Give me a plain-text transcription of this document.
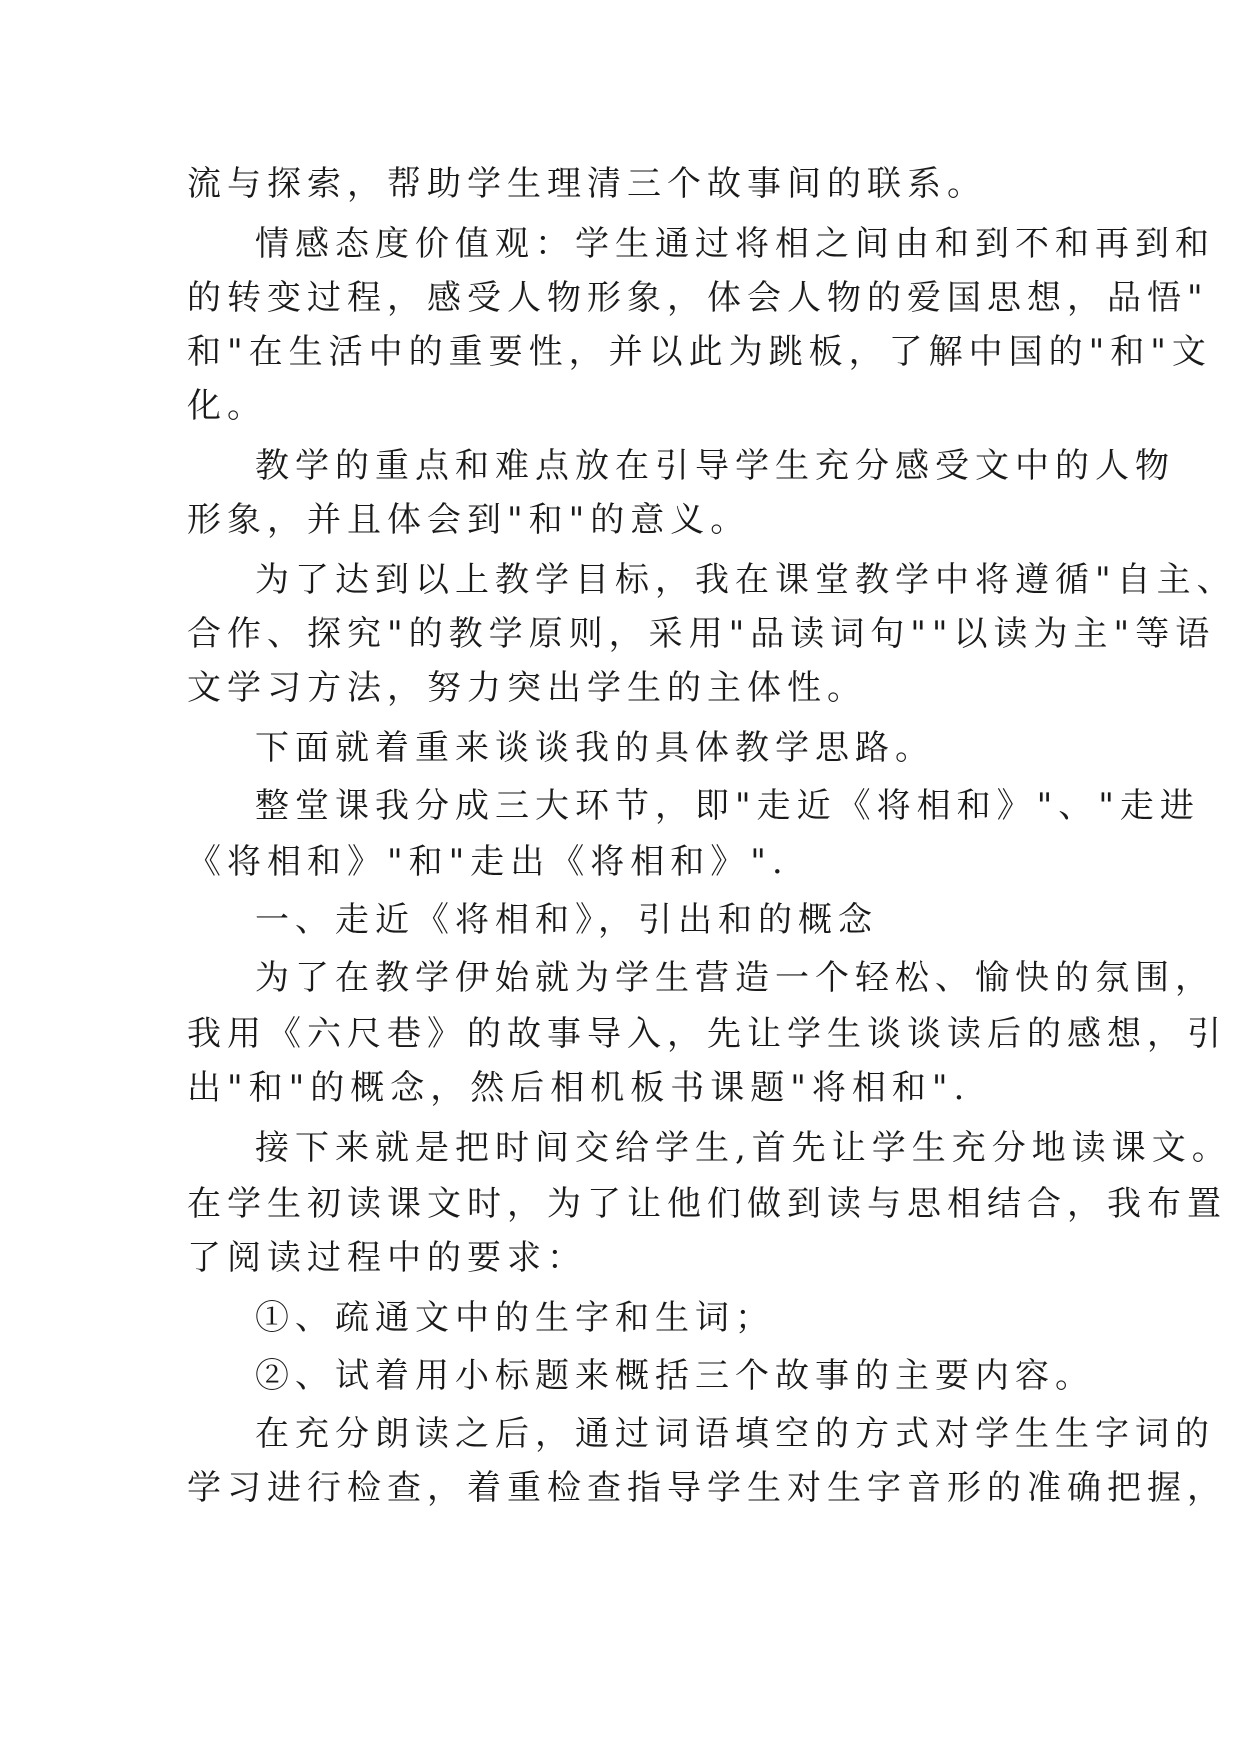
流与探索，帮助学生理清三个故事间的联系。
情感态度价值观：学生通过将相之间由和到不和再到和
的转变过程，感受人物形象，体会人物的爱国思想，品悟"
和"在生活中的重要性，并以此为跳板，了解中国的"和"文
化。
教学的重点和难点放在引导学生充分感受文中的人物
形象，并且体会到"和"的意义。
为了达到以上教学目标，我在课堂教学中将遵循"自主、
合作、探究"的教学原则，采用"品读词句""以读为主"等语
文学习方法，努力突出学生的主体性。
下面就着重来谈谈我的具体教学思路。
整堂课我分成三大环节，即"走近《将相和》"、"走进
《将相和》"和"走出《将相和》".
一、走近《将相和》，引出和的概念
为了在教学伊始就为学生营造一个轻松、愉快的氛围，
我用《六尺巷》的故事导入，先让学生谈谈读后的感想，引
出"和"的概念，然后相机板书课题"将相和".
接下来就是把时间交给学生,首先让学生充分地读课文。
在学生初读课文时，为了让他们做到读与思相结合，我布置
了阅读过程中的要求：
①、疏通文中的生字和生词；
②、试着用小标题来概括三个故事的主要内容。
在充分朗读之后，通过词语填空的方式对学生生字词的
学习进行检查，着重检查指导学生对生字音形的准确把握，
